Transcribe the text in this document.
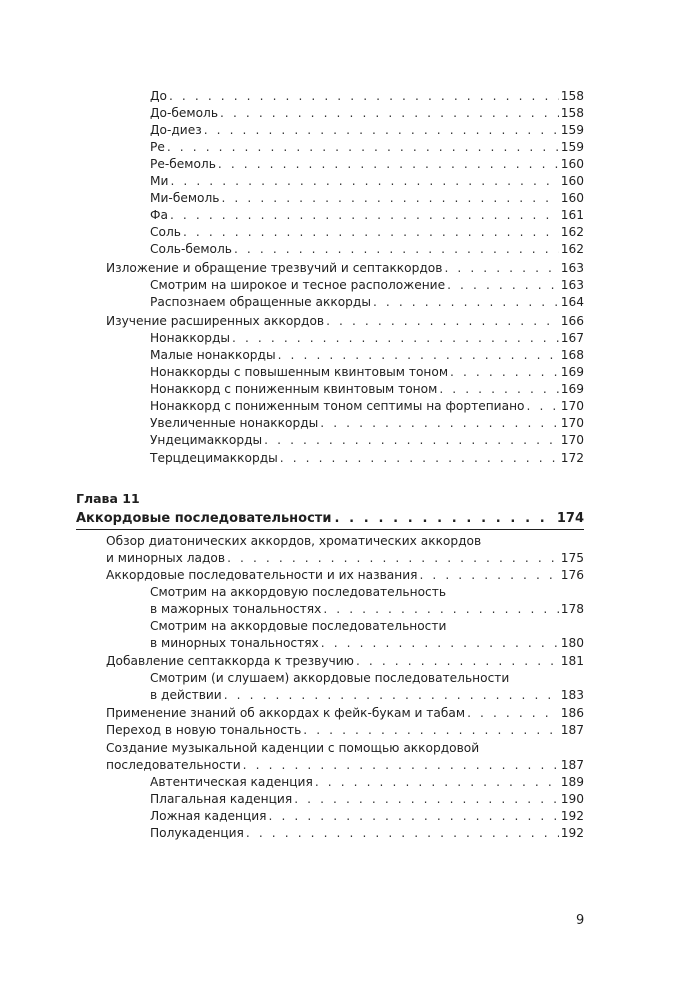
До . . .	158
До-бемоль . . .	158
До-диез . . .	159
Ре . . .	159
Ре-бемоль . . .	160
Ми . . .	160
Ми-бемоль . . .	160
Фа . . .	161
Соль . . .	162
Соль-бемоль . . .	162
Изложение и обращение трезвучий и септаккордов . . .	163
Смотрим на широкое и тесное расположение . . .	163
Распознаем обращенные аккорды . . .	164
Изучение расширенных аккордов . . .	166
Нонаккорды . . .	167
Малые нонаккорды . . .	168
Нонаккорды с повышенным квинтовым тоном . . .	169
Нонаккорд с пониженным квинтовым тоном . . .	169
Нонаккорд с пониженным тоном септимы на фортепиано . . .	170
Увеличенные нонаккорды . . .	170
Ундецимаккорды . . .	170
Терцдецимаккорды . . .	172
Глава 11
Аккордовые последовательности . . .	174
Обзор диатонических аккордов, хроматических аккордов
и минорных ладов . . .	175
Аккордовые последовательности и их названия . . .	176
Смотрим на аккордовую последовательность
в мажорных тональностях . . .	178
Смотрим на аккордовые последовательности
в минорных тональностях . . .	180
Добавление септаккорда к трезвучию . . .	181
Смотрим (и слушаем) аккордовые последовательности
в действии . . .	183
Применение знаний об аккордах к фейк-букам и табам . . .	186
Переход в новую тональность . . .	187
Создание музыкальной каденции с помощью аккордовой
последовательности . . .	187
Автентическая каденция . . .	189
Плагальная каденция . . .	190
Ложная каденция . . .	192
Полукаденция . . .	192
9
